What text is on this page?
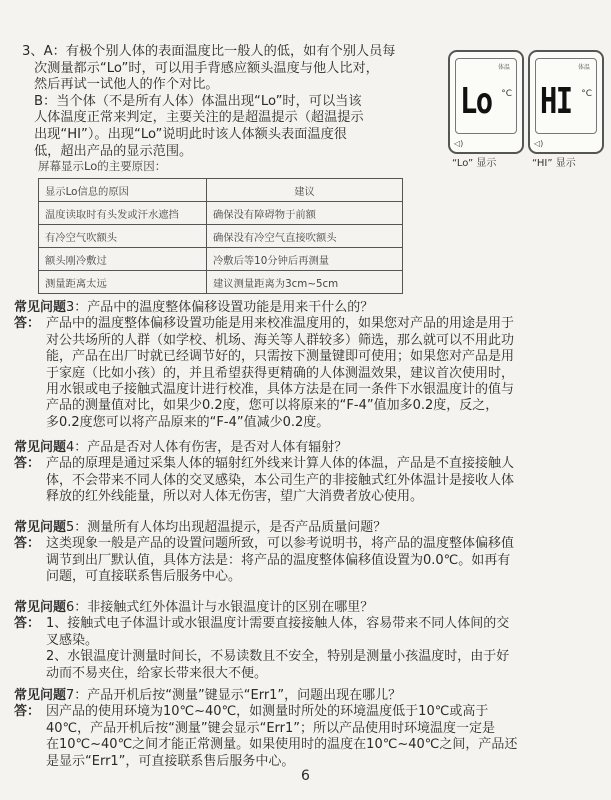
3、A：有极个别人体的表面温度比一般人的低，如有个别人员每
次测量都示“Lo”时，可以用手背感应额头温度与他人比对，
然后再试一试他人的作个对比。
B：当个体（不是所有人体）体温出现“Lo”时，可以当该
人体温度正常来判定，主要关注的是超温提示（超温提示
出现“HI”）。出现“Lo”说明此时该人体额头表面温度很
低，超出产品的显示范围。
体温
Lo °C
◁)
“Lo” 显示
体温
HI °C
◁)
“HI” 显示
屏幕显示Lo的主要原因：
显示Lo信息的原因	建议
温度读取时有头发或汗水遮挡	确保没有障碍物于前额
有冷空气吹额头	确保没有冷空气直接吹额头
额头刚冷敷过	冷敷后等10分钟后再测量
测量距离太远	建议测量距离为3cm~5cm
常见问题3：产品中的温度整体偏移设置功能是用来干什么的？
答： 产品中的温度整体偏移设置功能是用来校准温度用的，如果您对产品的用途是用于
对公共场所的人群（如学校、机场、海关等人群较多）筛选，那么就可以不用此功
能，产品在出厂时就已经调节好的，只需按下测量键即可使用；如果您对产品是用
于家庭（比如小孩）的，并且希望获得更精确的人体测温效果，建议首次使用时，
用水银或电子接触式温度计进行校准，具体方法是在同一条件下水银温度计的值与
产品的测量值对比，如果少0.2度，您可以将原来的“F-4”值加多0.2度，反之，
多0.2度您可以将产品原来的“F-4”值减少0.2度。
常见问题4：产品是否对人体有伤害，是否对人体有辐射？
答： 产品的原理是通过采集人体的辐射红外线来计算人体的体温，产品是不直接接触人
体，不会带来不同人体的交叉感染，本公司生产的非接触式红外体温计是接收人体
释放的红外线能量，所以对人体无伤害，望广大消费者放心使用。
常见问题5：测量所有人体均出现超温提示，是否产品质量问题？
答： 这类现象一般是产品的设置问题所致，可以参考说明书，将产品的温度整体偏移值
调节到出厂默认值，具体方法是：将产品的温度整体偏移值设置为0.0℃。如再有
问题，可直接联系售后服务中心。
常见问题6：非接触式红外体温计与水银温度计的区别在哪里？
答： 1、接触式电子体温计或水银温度计需要直接接触人体，容易带来不同人体间的交
叉感染。
2、水银温度计测量时间长，不易读数且不安全，特别是测量小孩温度时，由于好
动而不易夹住，给家长带来很大不便。
常见问题7：产品开机后按“测量”键显示“Err1”，问题出现在哪儿？
答： 因产品的使用环境为10℃~40℃，如测量时所处的环境温度低于10℃或高于
40℃，产品开机后按“测量”键会显示“Err1”；所以产品使用时环境温度一定是
在10℃~40℃之间才能正常测量。如果使用时的温度在10℃~40℃之间，产品还
是显示“Err1”，可直接联系售后服务中心。
6
